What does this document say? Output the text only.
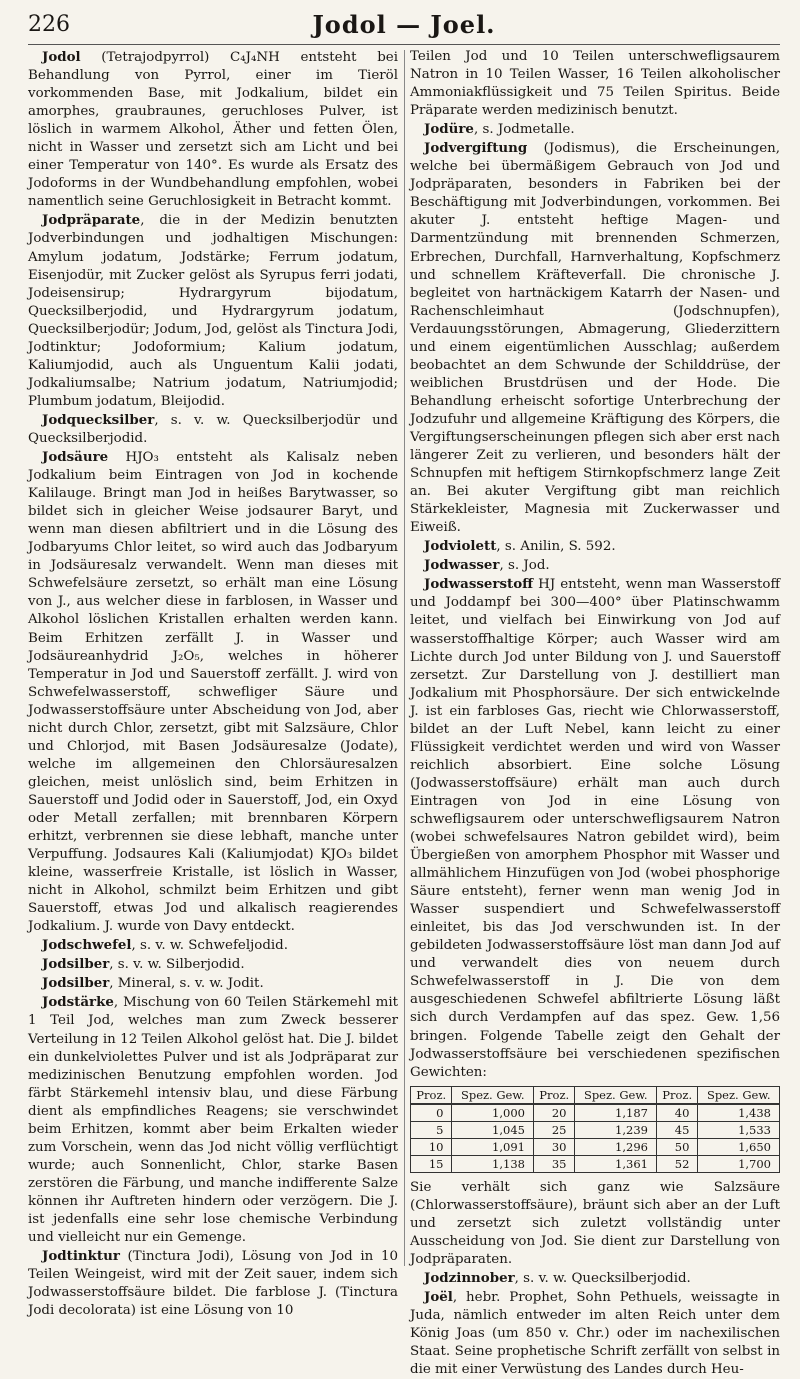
226	Jodol — Joel.

Jodol (Tetrajodpyrrol) C₄J₄NH entsteht bei Behandlung von Pyrrol, einer im Tieröl vorkommenden Base, mit Jodkalium, bildet ein amorphes, graubraunes, geruchloses Pulver, ist löslich in warmem Alkohol, Äther und fetten Ölen, nicht in Wasser und zersetzt sich am Licht und bei einer Temperatur von 140°. Es wurde als Ersatz des Jodoforms in der Wundbehandlung empfohlen, wobei namentlich seine Geruchlosigkeit in Betracht kommt.

Jodpräparate, die in der Medizin benutzten Jodverbindungen und jodhaltigen Mischungen: Amylum jodatum, Jodstärke; Ferrum jodatum, Eisenjodür, mit Zucker gelöst als Syrupus ferri jodati, Jodeisensirup; Hydrargyrum bijodatum, Quecksilberjodid, und Hydrargyrum jodatum, Quecksilberjodür; Jodum, Jod, gelöst als Tinctura Jodi, Jodtinktur; Jodoformium; Kalium jodatum, Kaliumjodid, auch als Unguentum Kalii jodati, Jodkaliumsalbe; Natrium jodatum, Natriumjodid; Plumbum jodatum, Bleijodid.

Jodquecksilber, s. v. w. Quecksilberjodür und Quecksilberjodid.

Jodsäure HJO₃ entsteht als Kalisalz neben Jodkalium beim Eintragen von Jod in kochende Kalilauge. Bringt man Jod in heißes Barytwasser, so bildet sich in gleicher Weise jodsaurer Baryt, und wenn man diesen abfiltriert und in die Lösung des Jodbaryums Chlor leitet, so wird auch das Jodbaryum in Jodsäuresalz verwandelt. Wenn man dieses mit Schwefelsäure zersetzt, so erhält man eine Lösung von J., aus welcher diese in farblosen, in Wasser und Alkohol löslichen Kristallen erhalten werden kann. Beim Erhitzen zerfällt J. in Wasser und Jodsäureanhydrid J₂O₅, welches in höherer Temperatur in Jod und Sauerstoff zerfällt. J. wird von Schwefelwasserstoff, schwefliger Säure und Jodwasserstoffsäure unter Abscheidung von Jod, aber nicht durch Chlor, zersetzt, gibt mit Salzsäure, Chlor und Chlorjod, mit Basen Jodsäuresalze (Jodate), welche im allgemeinen den Chlorsäuresalzen gleichen, meist unlöslich sind, beim Erhitzen in Sauerstoff und Jodid oder in Sauerstoff, Jod, ein Oxyd oder Metall zerfallen; mit brennbaren Körpern erhitzt, verbrennen sie diese lebhaft, manche unter Verpuffung. Jodsaures Kali (Kaliumjodat) KJO₃ bildet kleine, wasserfreie Kristalle, ist löslich in Wasser, nicht in Alkohol, schmilzt beim Erhitzen und gibt Sauerstoff, etwas Jod und alkalisch reagierendes Jodkalium. J. wurde von Davy entdeckt.

Jodschwefel, s. v. w. Schwefeljodid.

Jodsilber, s. v. w. Silberjodid.

Jodsilber, Mineral, s. v. w. Jodit.

Jodstärke, Mischung von 60 Teilen Stärkemehl mit 1 Teil Jod, welches man zum Zweck besserer Verteilung in 12 Teilen Alkohol gelöst hat. Die J. bildet ein dunkelviolettes Pulver und ist als Jodpräparat zur medizinischen Benutzung empfohlen worden. Jod färbt Stärkemehl intensiv blau, und diese Färbung dient als empfindliches Reagens; sie verschwindet beim Erhitzen, kommt aber beim Erkalten wieder zum Vorschein, wenn das Jod nicht völlig verflüchtigt wurde; auch Sonnenlicht, Chlor, starke Basen zerstören die Färbung, und manche indifferente Salze können ihr Auftreten hindern oder verzögern. Die J. ist jedenfalls eine sehr lose chemische Verbindung und vielleicht nur ein Gemenge.

Jodtinktur (Tinctura Jodi), Lösung von Jod in 10 Teilen Weingeist, wird mit der Zeit sauer, indem sich Jodwasserstoffsäure bildet. Die farblose J. (Tinctura Jodi decolorata) ist eine Lösung von 10

Teilen Jod und 10 Teilen unterschwefligsaurem Natron in 10 Teilen Wasser, 16 Teilen alkoholischer Ammoniakflüssigkeit und 75 Teilen Spiritus. Beide Präparate werden medizinisch benutzt.

Jodüre, s. Jodmetalle.

Jodvergiftung (Jodismus), die Erscheinungen, welche bei übermäßigem Gebrauch von Jod und Jodpräparaten, besonders in Fabriken bei der Beschäftigung mit Jodverbindungen, vorkommen. Bei akuter J. entsteht heftige Magen- und Darmentzündung mit brennenden Schmerzen, Erbrechen, Durchfall, Harnverhaltung, Kopfschmerz und schnellem Kräfteverfall. Die chronische J. begleitet von hartnäckigem Katarrh der Nasen- und Rachenschleimhaut (Jodschnupfen), Verdauungsstörungen, Abmagerung, Gliederzittern und einem eigentümlichen Ausschlag; außerdem beobachtet an dem Schwunde der Schilddrüse, der weiblichen Brustdrüsen und der Hode. Die Behandlung erheischt sofortige Unterbrechung der Jodzufuhr und allgemeine Kräftigung des Körpers, die Vergiftungserscheinungen pflegen sich aber erst nach längerer Zeit zu verlieren, und besonders hält der Schnupfen mit heftigem Stirnkopfschmerz lange Zeit an. Bei akuter Vergiftung gibt man reichlich Stärkekleister, Magnesia mit Zuckerwasser und Eiweiß.

Jodviolett, s. Anilin, S. 592.

Jodwasser, s. Jod.

Jodwasserstoff HJ entsteht, wenn man Wasserstoff und Joddampf bei 300—400° über Platinschwamm leitet, und vielfach bei Einwirkung von Jod auf wasserstoffhaltige Körper; auch Wasser wird am Lichte durch Jod unter Bildung von J. und Sauerstoff zersetzt. Zur Darstellung von J. destilliert man Jodkalium mit Phosphorsäure. Der sich entwickelnde J. ist ein farbloses Gas, riecht wie Chlorwasserstoff, bildet an der Luft Nebel, kann leicht zu einer Flüssigkeit verdichtet werden und wird von Wasser reichlich absorbiert. Eine solche Lösung (Jodwasserstoffsäure) erhält man auch durch Eintragen von Jod in eine Lösung von schwefligsaurem oder unterschwefligsaurem Natron (wobei schwefelsaures Natron gebildet wird), beim Übergießen von amorphem Phosphor mit Wasser und allmählichem Hinzufügen von Jod (wobei phosphorige Säure entsteht), ferner wenn man wenig Jod in Wasser suspendiert und Schwefelwasserstoff einleitet, bis das Jod verschwunden ist. In der gebildeten Jodwasserstoffsäure löst man dann Jod auf und verwandelt dies von neuem durch Schwefelwasserstoff in J. Die von dem ausgeschiedenen Schwefel abfiltrierte Lösung läßt sich durch Verdampfen auf das spez. Gew. 1,56 bringen. Folgende Tabelle zeigt den Gehalt der Jodwasserstoffsäure bei verschiedenen spezifischen Gewichten:

Proz.	Spez. Gew.	Proz.	Spez. Gew.	Proz.	Spez. Gew.
0	1,000	20	1,187	40	1,438
5	1,045	25	1,239	45	1,533
10	1,091	30	1,296	50	1,650
15	1,138	35	1,361	52	1,700

Sie verhält sich ganz wie Salzsäure (Chlorwasserstoffsäure), bräunt sich aber an der Luft und zersetzt sich zuletzt vollständig unter Ausscheidung von Jod. Sie dient zur Darstellung von Jodpräparaten.

Jodzinnober, s. v. w. Quecksilberjodid.

Joël, hebr. Prophet, Sohn Pethuels, weissagte in Juda, nämlich entweder im alten Reich unter dem König Joas (um 850 v. Chr.) oder im nachexilischen Staat. Seine prophetische Schrift zerfällt von selbst in die mit einer Verwüstung des Landes durch Heu-
